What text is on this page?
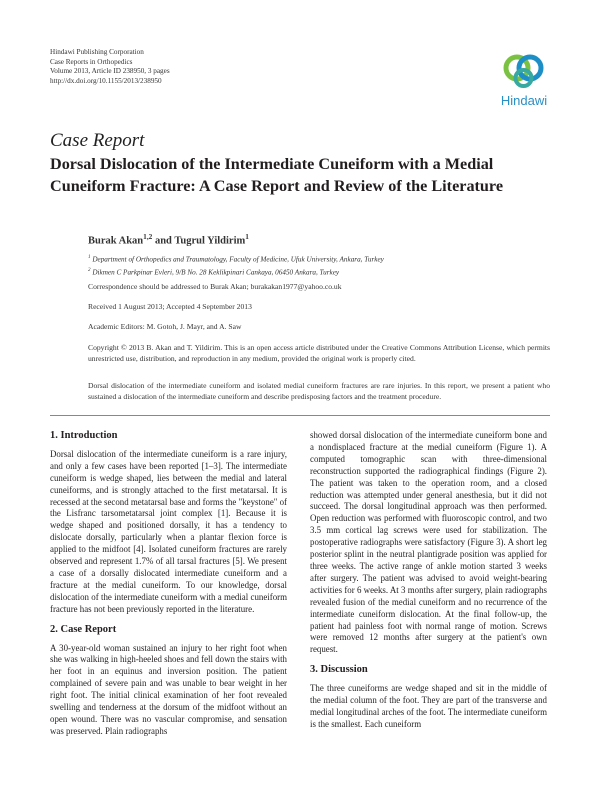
Hindawi Publishing Corporation
Case Reports in Orthopedics
Volume 2013, Article ID 238950, 3 pages
http://dx.doi.org/10.1155/2013/238950
Hindawi
Case Report
Dorsal Dislocation of the Intermediate Cuneiform with a Medial Cuneiform Fracture: A Case Report and Review of the Literature
Burak Akan$^{1,2}$ and Tugrul Yildirim$^1$
$^1$ Department of Orthopedics and Traumatology, Faculty of Medicine, Ufuk University, Ankara, Turkey
$^2$ Dikmen C Parkpinar Evleri, 9/B No. 28 Keklikpinari Cankaya, 06450 Ankara, Turkey
Correspondence should be addressed to Burak Akan; burakakan1977@yahoo.co.uk
Received 1 August 2013; Accepted 4 September 2013
Academic Editors: M. Gotoh, J. Mayr, and A. Saw
Copyright © 2013 B. Akan and T. Yildirim. This is an open access article distributed under the Creative Commons Attribution License, which permits unrestricted use, distribution, and reproduction in any medium, provided the original work is properly cited.
Dorsal dislocation of the intermediate cuneiform and isolated medial cuneiform fractures are rare injuries. In this report, we present a patient who sustained a dislocation of the intermediate cuneiform and describe predisposing factors and the treatment procedure.
1. Introduction

Dorsal dislocation of the intermediate cuneiform is a rare injury, and only a few cases have been reported [1–3]. The intermediate cuneiform is wedge shaped, lies between the medial and lateral cuneiforms, and is strongly attached to the first metatarsal. It is recessed at the second metatarsal base and forms the "keystone" of the Lisfranc tarsometatarsal joint complex [1]. Because it is wedge shaped and positioned dorsally, it has a tendency to dislocate dorsally, particularly when a plantar flexion force is applied to the midfoot [4]. Isolated cuneiform fractures are rarely observed and represent 1.7% of all tarsal fractures [5]. We present a case of a dorsally dislocated intermediate cuneiform and a fracture at the medial cuneiform. To our knowledge, dorsal dislocation of the intermediate cuneiform with a medial cuneiform fracture has not been previously reported in the literature.

2. Case Report

A 30-year-old woman sustained an injury to her right foot when she was walking in high-heeled shoes and fell down the stairs with her foot in an equinus and inversion position. The patient complained of severe pain and was unable to bear weight in her right foot. The initial clinical examination of her foot revealed swelling and tenderness at the dorsum of the midfoot without an open wound. There was no vascular compromise, and sensation was preserved. Plain radiographs

showed dorsal dislocation of the intermediate cuneiform bone and a nondisplaced fracture at the medial cuneiform (Figure 1). A computed tomographic scan with three-dimensional reconstruction supported the radiographical findings (Figure 2). The patient was taken to the operation room, and a closed reduction was attempted under general anesthesia, but it did not succeed. The dorsal longitudinal approach was then performed. Open reduction was performed with fluoroscopic control, and two 3.5 mm cortical lag screws were used for stabilization. The postoperative radiographs were satisfactory (Figure 3). A short leg posterior splint in the neutral plantigrade position was applied for three weeks. The active range of ankle motion started 3 weeks after surgery. The patient was advised to avoid weight-bearing activities for 6 weeks. At 3 months after surgery, plain radiographs revealed fusion of the medial cuneiform and no recurrence of the intermediate cuneiform dislocation. At the final follow-up, the patient had painless foot with normal range of motion. Screws were removed 12 months after surgery at the patient's own request.

3. Discussion

The three cuneiforms are wedge shaped and sit in the middle of the medial column of the foot. They are part of the transverse and medial longitudinal arches of the foot. The intermediate cuneiform is the smallest. Each cuneiform
